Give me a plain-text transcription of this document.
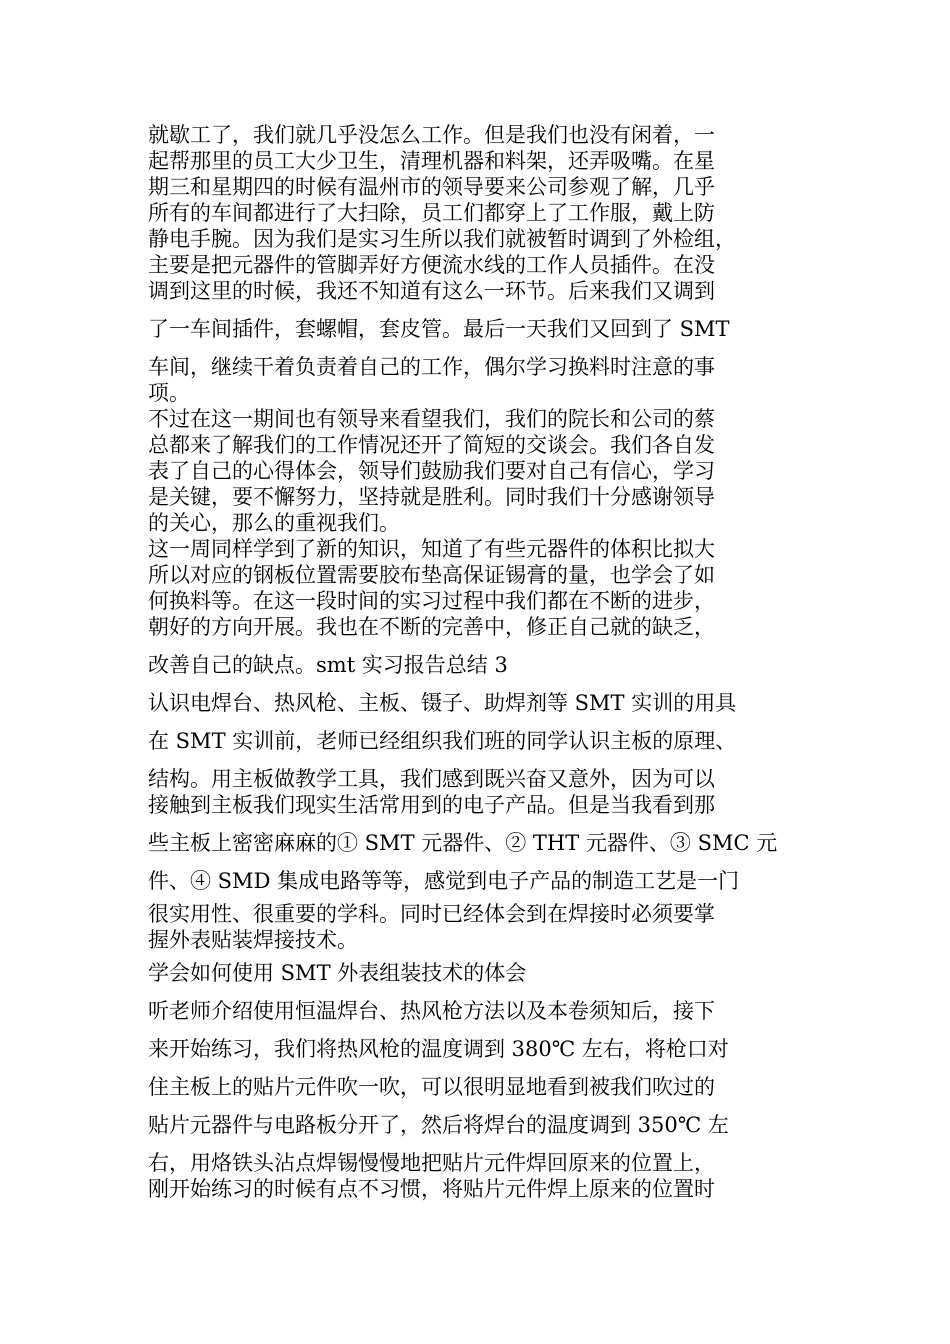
就歇工了，我们就几乎没怎么工作。但是我们也没有闲着，一
起帮那里的员工大少卫生，清理机器和料架，还弄吸嘴。在星
期三和星期四的时候有温州市的领导要来公司参观了解，几乎
所有的车间都进行了大扫除，员工们都穿上了工作服，戴上防
静电手腕。因为我们是实习生所以我们就被暂时调到了外检组，
主要是把元器件的管脚弄好方便流水线的工作人员插件。在没
调到这里的时候，我还不知道有这么一环节。后来我们又调到
了一车间插件，套螺帽，套皮管。最后一天我们又回到了 SMT
车间，继续干着负责着自己的工作，偶尔学习换料时注意的事
项。
不过在这一期间也有领导来看望我们，我们的院长和公司的蔡
总都来了解我们的工作情况还开了简短的交谈会。我们各自发
表了自己的心得体会，领导们鼓励我们要对自己有信心，学习
是关键，要不懈努力，坚持就是胜利。同时我们十分感谢领导
的关心，那么的重视我们。
这一周同样学到了新的知识，知道了有些元器件的体积比拟大
所以对应的钢板位置需要胶布垫高保证锡膏的量，也学会了如
何换料等。在这一段时间的实习过程中我们都在不断的进步，
朝好的方向开展。我也在不断的完善中，修正自己就的缺乏，
改善自己的缺点。smt 实习报告总结 3
认识电焊台、热风枪、主板、镊子、助焊剂等 SMT 实训的用具
在 SMT 实训前，老师已经组织我们班的同学认识主板的原理、
结构。用主板做教学工具，我们感到既兴奋又意外，因为可以
接触到主板我们现实生活常用到的电子产品。但是当我看到那
些主板上密密麻麻的① SMT 元器件、② THT 元器件、③ SMC 元
件、④ SMD 集成电路等等，感觉到电子产品的制造工艺是一门
很实用性、很重要的学科。同时已经体会到在焊接时必须要掌
握外表贴装焊接技术。
学会如何使用 SMT 外表组装技术的体会
听老师介绍使用恒温焊台、热风枪方法以及本卷须知后，接下
来开始练习，我们将热风枪的温度调到 380℃ 左右，将枪口对
住主板上的贴片元件吹一吹，可以很明显地看到被我们吹过的
贴片元器件与电路板分开了，然后将焊台的温度调到 350℃ 左
右，用烙铁头沾点焊锡慢慢地把贴片元件焊回原来的位置上，
刚开始练习的时候有点不习惯，将贴片元件焊上原来的位置时
